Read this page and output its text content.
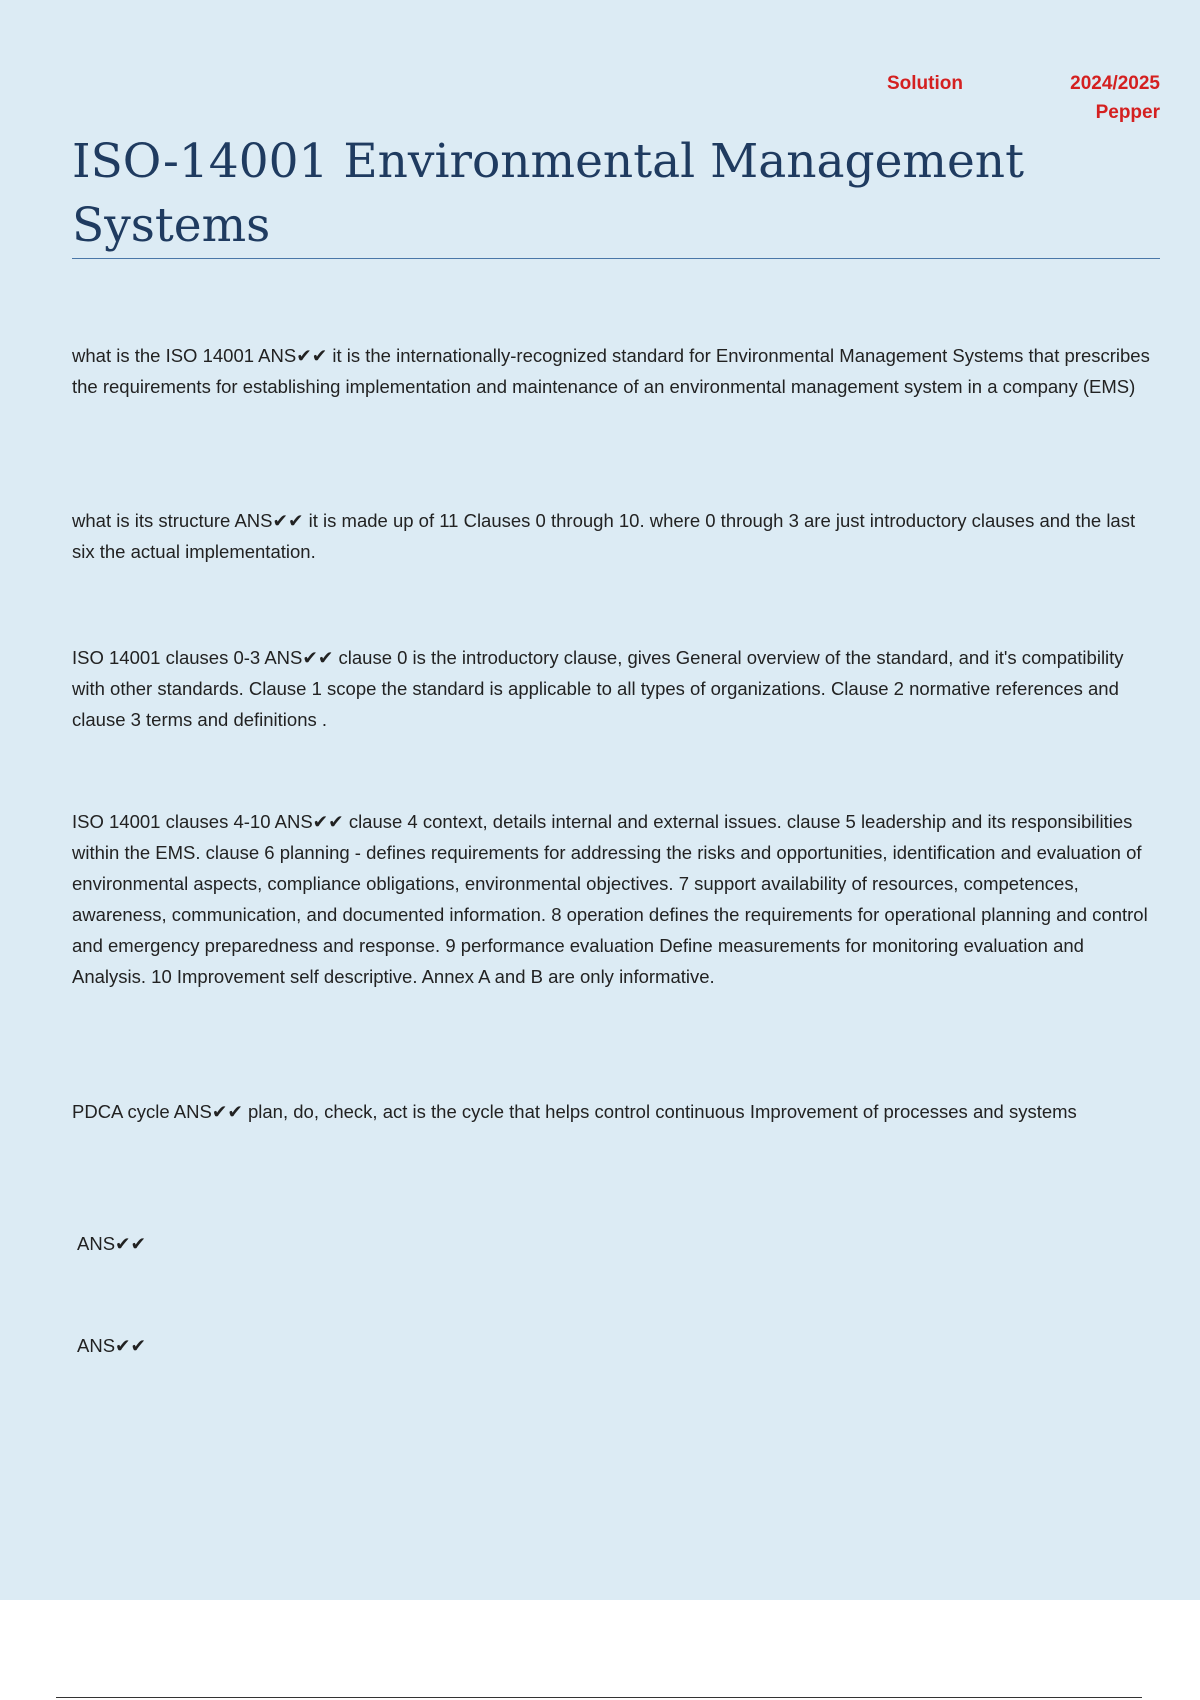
Solution	2024/2025
Pepper
ISO-14001 Environmental Management Systems

what is the ISO 14001 ANS✔✔ it is the internationally-recognized standard for Environmental Management Systems that prescribes the requirements for establishing implementation and maintenance of an environmental management system in a company (EMS)

what is its structure ANS✔✔ it is made up of 11 Clauses 0 through 10. where 0 through 3 are just introductory clauses and the last six the actual implementation.

ISO 14001 clauses 0-3 ANS✔✔ clause 0 is the introductory clause, gives General overview of the standard, and it's compatibility with other standards. Clause 1 scope the standard is applicable to all types of organizations. Clause 2 normative references and clause 3 terms and definitions .

ISO 14001 clauses 4-10 ANS✔✔ clause 4 context, details internal and external issues. clause 5 leadership and its responsibilities within the EMS. clause 6 planning - defines requirements for addressing the risks and opportunities, identification and evaluation of environmental aspects, compliance obligations, environmental objectives. 7 support availability of resources, competences, awareness, communication, and documented information. 8 operation defines the requirements for operational planning and control and emergency preparedness and response. 9 performance evaluation Define measurements for monitoring evaluation and Analysis. 10 Improvement self descriptive. Annex A and B are only informative.

PDCA cycle ANS✔✔ plan, do, check, act is the cycle that helps control continuous Improvement of processes and systems

ANS✔✔
ANS✔✔
